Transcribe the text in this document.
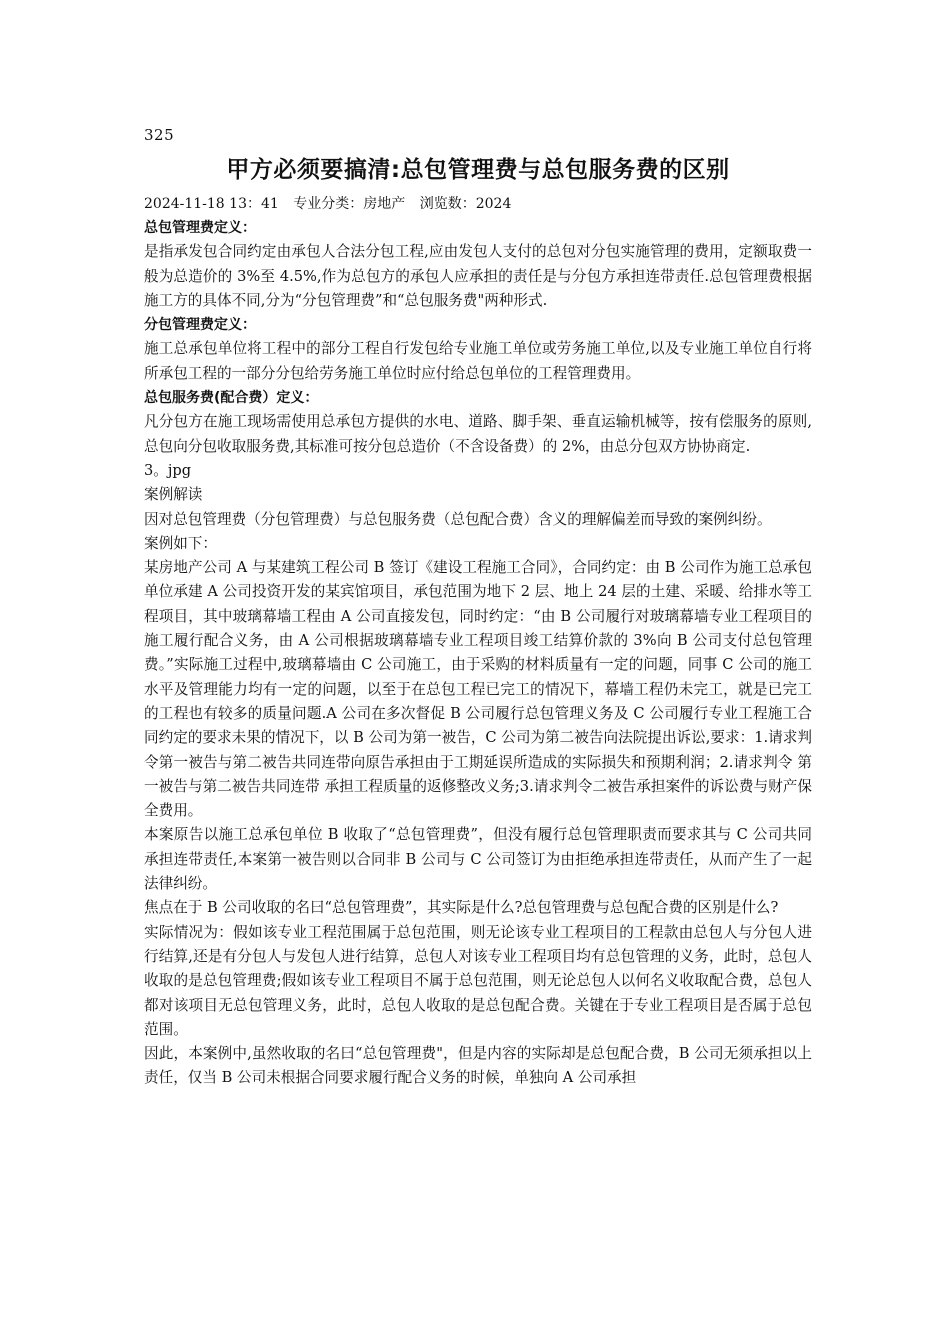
325
甲方必须要搞清:总包管理费与总包服务费的区别
2024-11-18 13：41 专业分类：房地产 浏览数：2024

总包管理费定义：

是指承发包合同约定由承包人合法分包工程,应由发包人支付的总包对分包实施管理的费用，定额取费一般为总造价的 3%至 4.5%,作为总包方的承包人应承担的责任是与分包方承担连带责任.总包管理费根据施工方的具体不同,分为“分包管理费”和“总包服务费"两种形式.

分包管理费定义：

施工总承包单位将工程中的部分工程自行发包给专业施工单位或劳务施工单位,以及专业施工单位自行将所承包工程的一部分分包给劳务施工单位时应付给总包单位的工程管理费用。

总包服务费(配合费）定义：

凡分包方在施工现场需使用总承包方提供的水电、道路、脚手架、垂直运输机械等，按有偿服务的原则,总包向分包收取服务费,其标准可按分包总造价（不含设备费）的 2%，由总分包双方协协商定.

3。jpg

案例解读

因对总包管理费（分包管理费）与总包服务费（总包配合费）含义的理解偏差而导致的案例纠纷。

案例如下：

某房地产公司 A 与某建筑工程公司 B 签订《建设工程施工合同》，合同约定：由 B 公司作为施工总承包单位承建 A 公司投资开发的某宾馆项目，承包范围为地下 2 层、地上 24 层的土建、采暖、给排水等工程项目，其中玻璃幕墙工程由 A 公司直接发包，同时约定：“由 B 公司履行对玻璃幕墙专业工程项目的施工履行配合义务，由 A 公司根据玻璃幕墙专业工程项目竣工结算价款的 3%向 B 公司支付总包管理费。”实际施工过程中,玻璃幕墙由 C 公司施工，由于采购的材料质量有一定的问题，同事 C 公司的施工水平及管理能力均有一定的问题，以至于在总包工程已完工的情况下，幕墙工程仍未完工，就是已完工的工程也有较多的质量问题.A 公司在多次督促 B 公司履行总包管理义务及 C 公司履行专业工程施工合同约定的要求未果的情况下，以 B 公司为第一被告，C 公司为第二被告向法院提出诉讼,要求：1.请求判令第一被告与第二被告共同连带向原告承担由于工期延误所造成的实际损失和预期利润；2.请求判令 第一被告与第二被告共同连带 承担工程质量的返修整改义务;3.请求判令二被告承担案件的诉讼费与财产保全费用。

本案原告以施工总承包单位 B 收取了“总包管理费”，但没有履行总包管理职责而要求其与 C 公司共同承担连带责任,本案第一被告则以合同非 B 公司与 C 公司签订为由拒绝承担连带责任，从而产生了一起法律纠纷。

焦点在于 B 公司收取的名曰“总包管理费”，其实际是什么?总包管理费与总包配合费的区别是什么?

实际情况为：假如该专业工程范围属于总包范围，则无论该专业工程项目的工程款由总包人与分包人进行结算,还是有分包人与发包人进行结算，总包人对该专业工程项目均有总包管理的义务，此时，总包人收取的是总包管理费;假如该专业工程项目不属于总包范围，则无论总包人以何名义收取配合费，总包人都对该项目无总包管理义务，此时，总包人收取的是总包配合费。关键在于专业工程项目是否属于总包范围。

因此，本案例中,虽然收取的名曰“总包管理费"，但是内容的实际却是总包配合费，B 公司无须承担以上责任，仅当 B 公司未根据合同要求履行配合义务的时候，单独向 A 公司承担
